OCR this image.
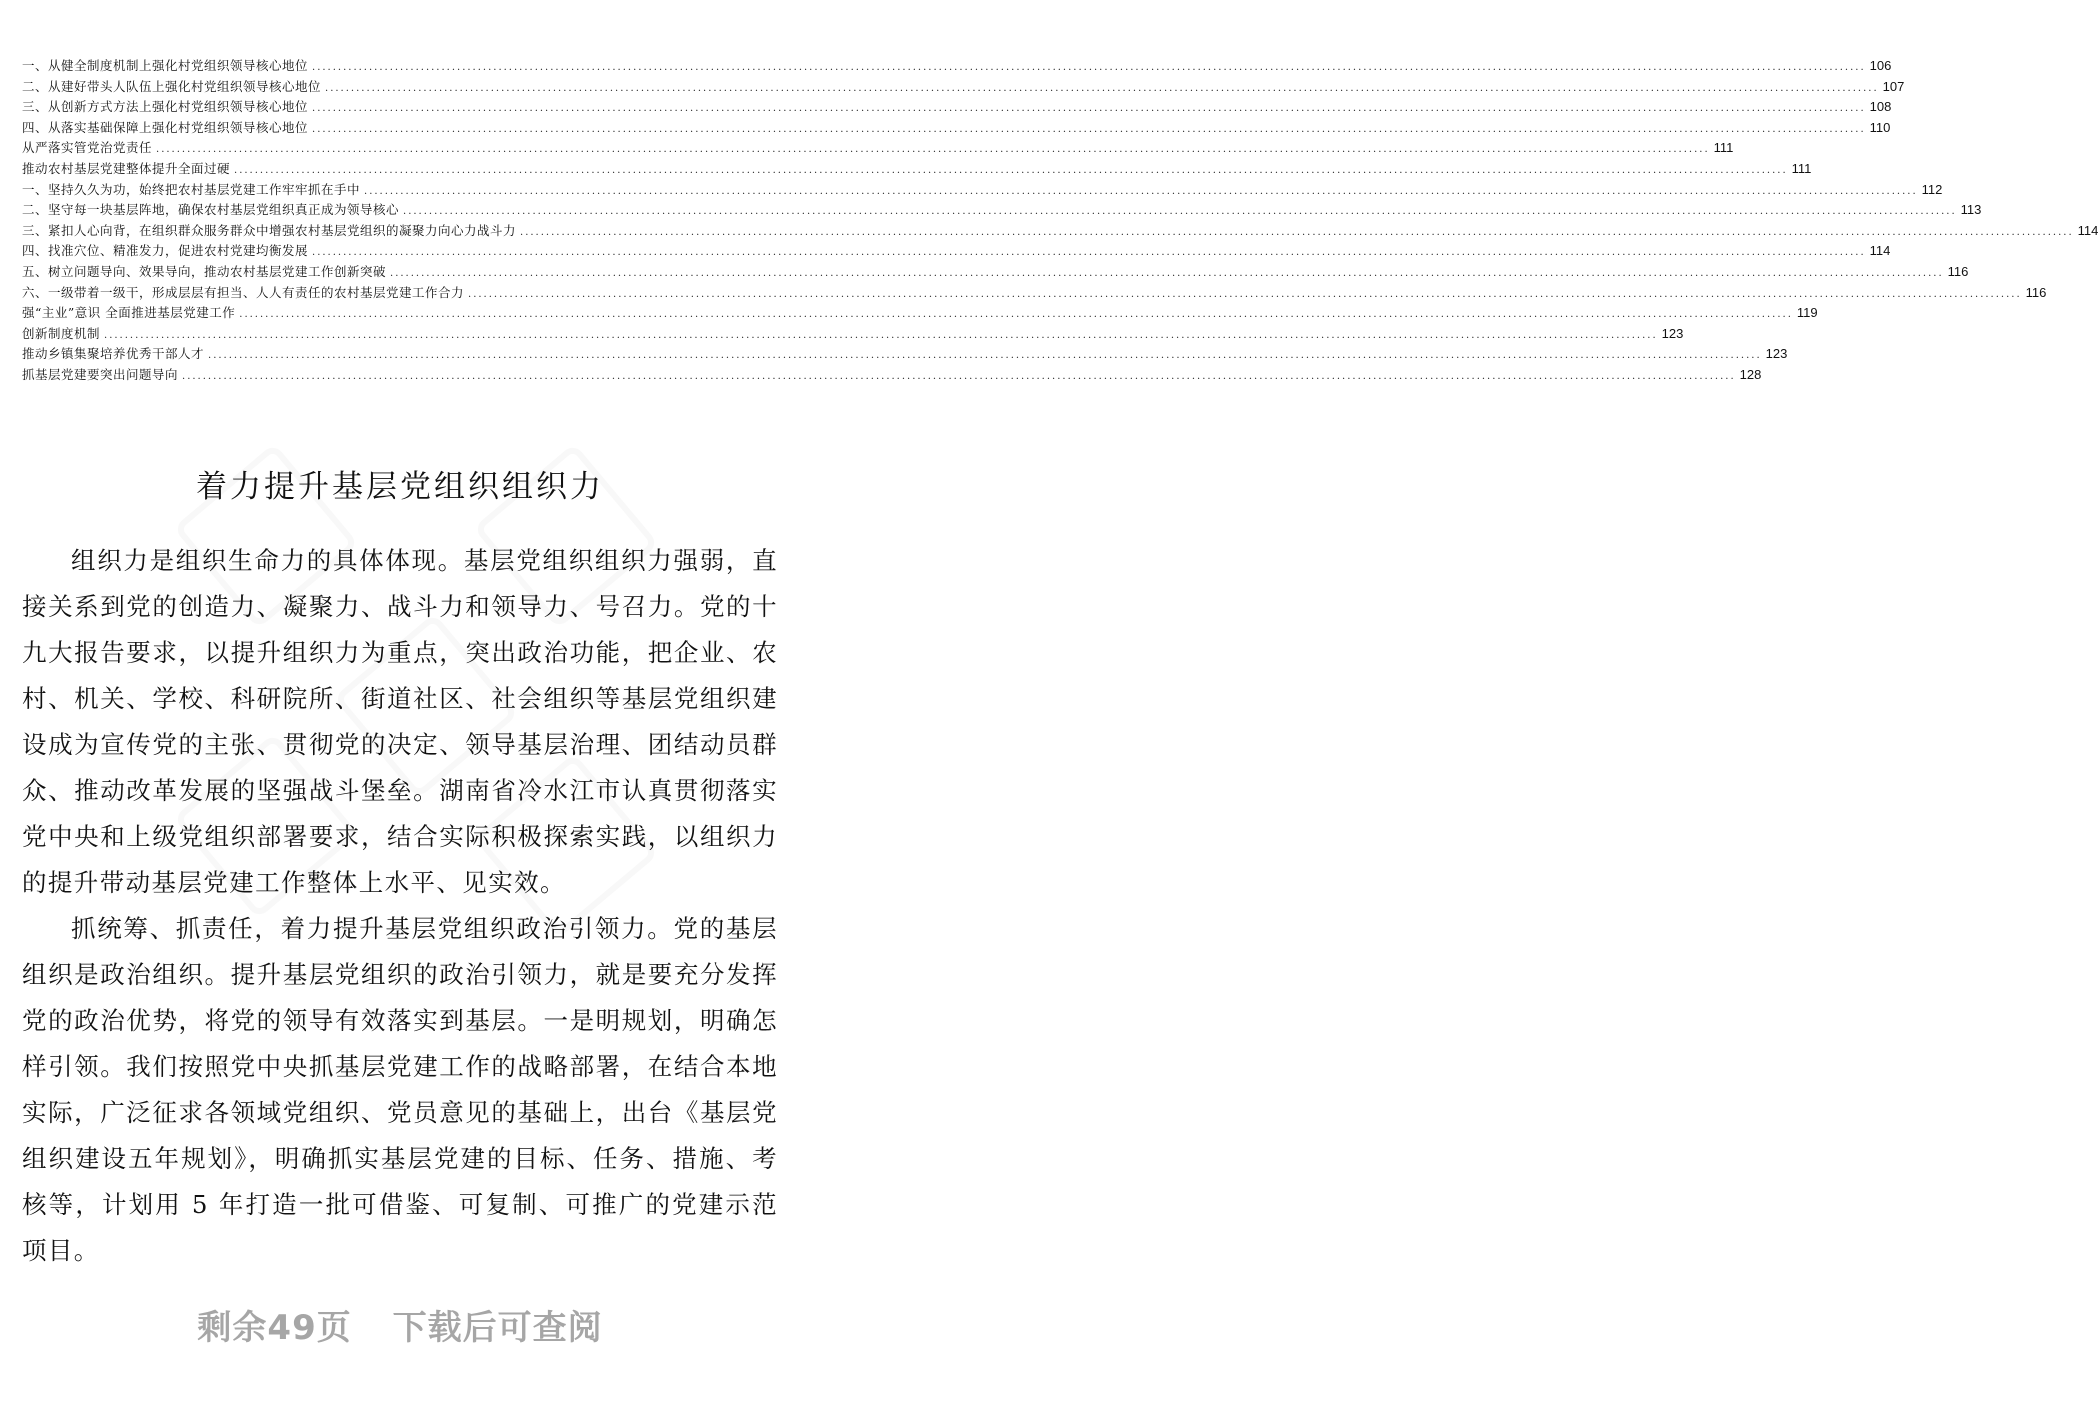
一、从健全制度机制上强化村党组织领导核心地位 ............................................................................................................................................................................................................................................................................................................ 106
二、从建好带头人队伍上强化村党组织领导核心地位 ............................................................................................................................................................................................................................................................................................................ 107
三、从创新方式方法上强化村党组织领导核心地位 ............................................................................................................................................................................................................................................................................................................ 108
四、从落实基础保障上强化村党组织领导核心地位 ............................................................................................................................................................................................................................................................................................................ 110
从严落实管党治党责任 ............................................................................................................................................................................................................................................................................................................ 111
推动农村基层党建整体提升全面过硬 ............................................................................................................................................................................................................................................................................................................ 111
一、坚持久久为功，始终把农村基层党建工作牢牢抓在手中 ............................................................................................................................................................................................................................................................................................................ 112
二、坚守每一块基层阵地，确保农村基层党组织真正成为领导核心 ............................................................................................................................................................................................................................................................................................................ 113
三、紧扣人心向背，在组织群众服务群众中增强农村基层党组织的凝聚力向心力战斗力 ............................................................................................................................................................................................................................................................................................................ 114
四、找准穴位、精准发力，促进农村党建均衡发展 ............................................................................................................................................................................................................................................................................................................ 114
五、树立问题导向、效果导向，推动农村基层党建工作创新突破 ............................................................................................................................................................................................................................................................................................................ 116
六、一级带着一级干，形成层层有担当、人人有责任的农村基层党建工作合力 ............................................................................................................................................................................................................................................................................................................ 116
强“主业”意识 全面推进基层党建工作 ............................................................................................................................................................................................................................................................................................................ 119
创新制度机制 ............................................................................................................................................................................................................................................................................................................ 123
推动乡镇集聚培养优秀干部人才 ............................................................................................................................................................................................................................................................................................................ 123
抓基层党建要突出问题导向 ............................................................................................................................................................................................................................................................................................................ 128
着力提升基层党组织组织力

组织力是组织生命力的具体体现。基层党组织组织力强弱，直接关系到党的创造力、凝聚力、战斗力和领导力、号召力。党的十九大报告要求，以提升组织力为重点，突出政治功能，把企业、农村、机关、学校、科研院所、街道社区、社会组织等基层党组织建设成为宣传党的主张、贯彻党的决定、领导基层治理、团结动员群众、推动改革发展的坚强战斗堡垒。湖南省冷水江市认真贯彻落实党中央和上级党组织部署要求，结合实际积极探索实践，以组织力的提升带动基层党建工作整体上水平、见实效。

抓统筹、抓责任，着力提升基层党组织政治引领力。党的基层组织是政治组织。提升基层党组织的政治引领力，就是要充分发挥党的政治优势，将党的领导有效落实到基层。一是明规划，明确怎样引领。我们按照党中央抓基层党建工作的战略部署，在结合本地实际，广泛征求各领域党组织、党员意见的基础上，出台《基层党组织建设五年规划》，明确抓实基层党建的目标、任务、措施、考核等，计划用 5 年打造一批可借鉴、可复制、可推广的党建示范项目。

剩余49页 下载后可查阅
